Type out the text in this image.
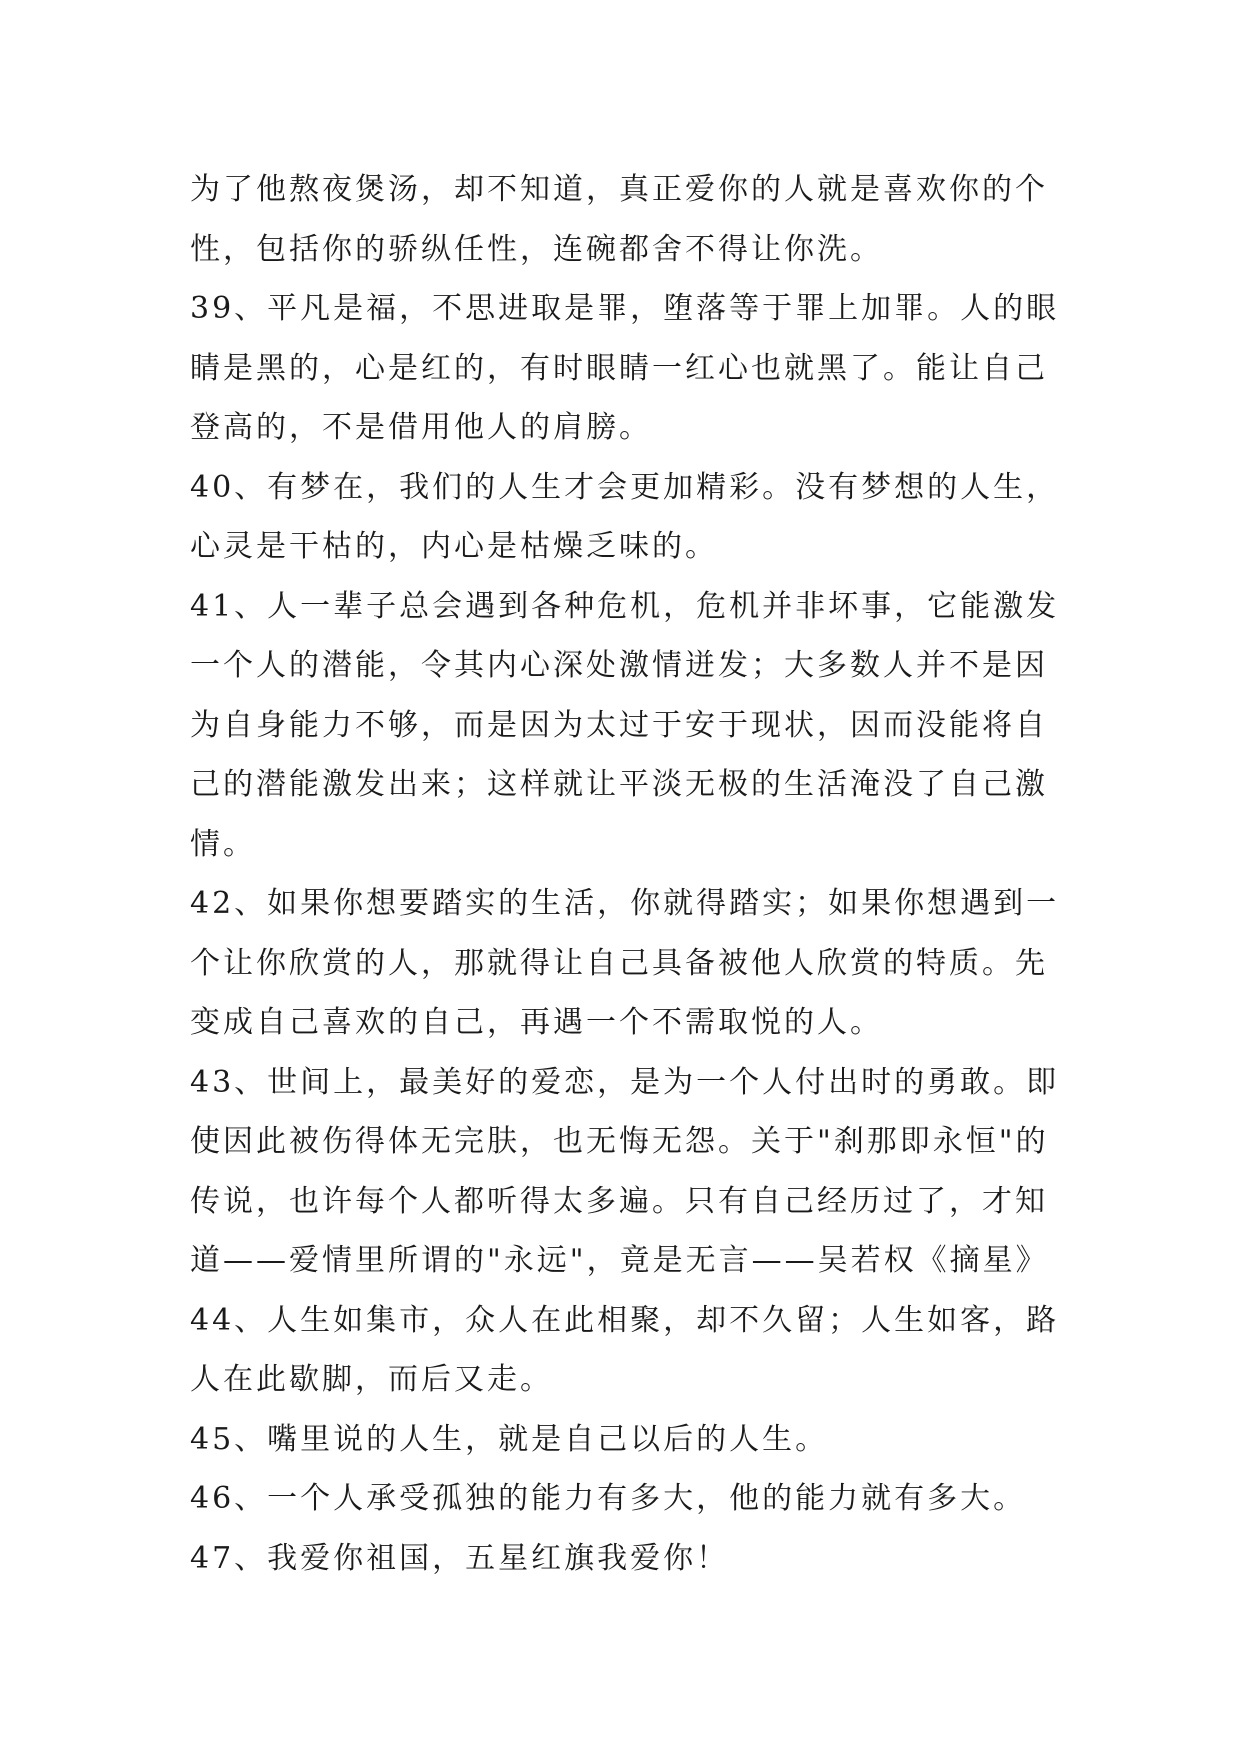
为了他熬夜煲汤，却不知道，真正爱你的人就是喜欢你的个
性，包括你的骄纵任性，连碗都舍不得让你洗。
39、平凡是福，不思进取是罪，堕落等于罪上加罪。人的眼
睛是黑的，心是红的，有时眼睛一红心也就黑了。能让自己
登高的，不是借用他人的肩膀。
40、有梦在，我们的人生才会更加精彩。没有梦想的人生，
心灵是干枯的，内心是枯燥乏味的。
41、人一辈子总会遇到各种危机，危机并非坏事，它能激发
一个人的潜能，令其内心深处激情迸发；大多数人并不是因
为自身能力不够，而是因为太过于安于现状，因而没能将自
己的潜能激发出来；这样就让平淡无极的生活淹没了自己激
情。
42、如果你想要踏实的生活，你就得踏实；如果你想遇到一
个让你欣赏的人，那就得让自己具备被他人欣赏的特质。先
变成自己喜欢的自己，再遇一个不需取悦的人。
43、世间上，最美好的爱恋，是为一个人付出时的勇敢。即
使因此被伤得体无完肤，也无悔无怨。关于"刹那即永恒"的
传说，也许每个人都听得太多遍。只有自己经历过了，才知
道——爱情里所谓的"永远"，竟是无言——吴若权《摘星》
44、人生如集市，众人在此相聚，却不久留；人生如客，路
人在此歇脚，而后又走。
45、嘴里说的人生，就是自己以后的人生。
46、一个人承受孤独的能力有多大，他的能力就有多大。
47、我爱你祖国，五星红旗我爱你！
